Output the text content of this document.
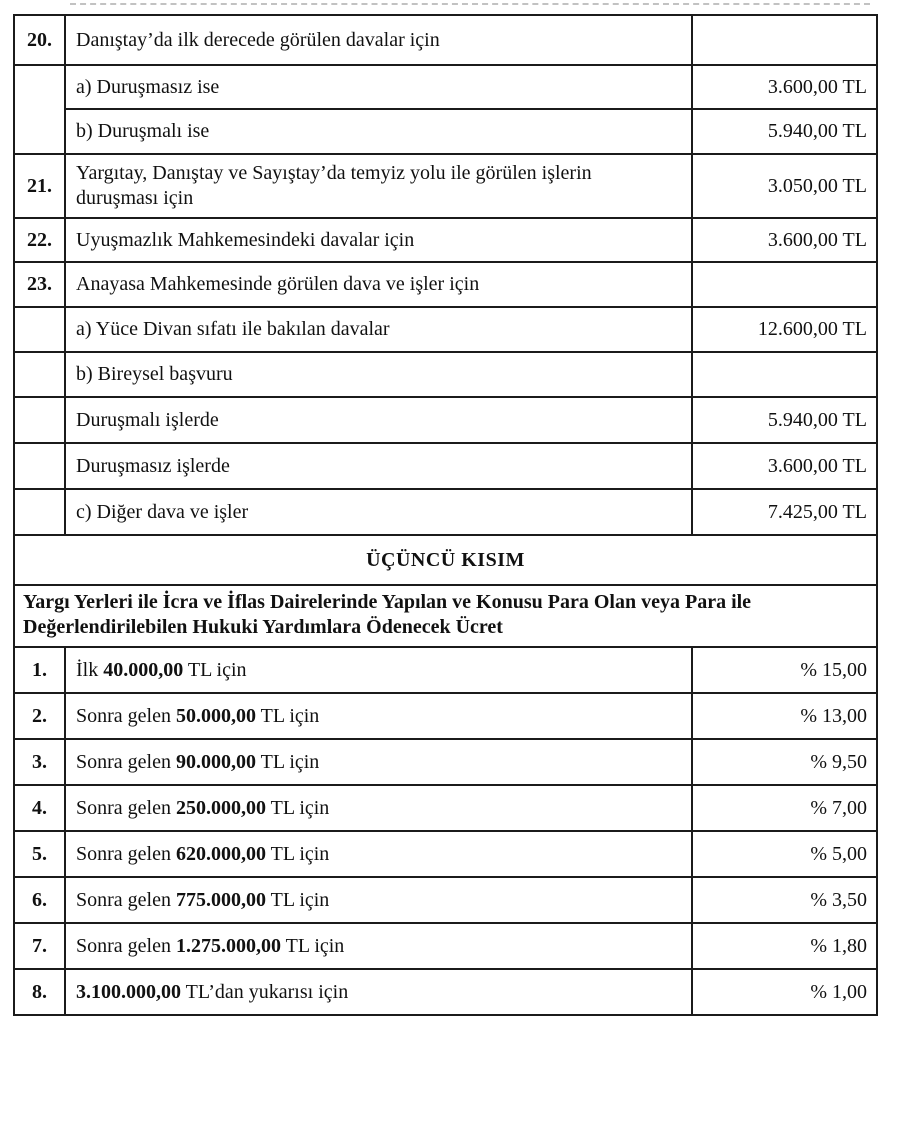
20.	Danıştay’da ilk derecede görülen davalar için	
	a) Duruşmasız ise	3.600,00 TL
	b) Duruşmalı ise	5.940,00 TL
21.	Yargıtay, Danıştay ve Sayıştay’da temyiz yolu ile görülen işlerin duruşması için	3.050,00 TL
22.	Uyuşmazlık Mahkemesindeki davalar için	3.600,00 TL
23.	Anayasa Mahkemesinde görülen dava ve işler için	
	a) Yüce Divan sıfatı ile bakılan davalar	12.600,00 TL
	b) Bireysel başvuru	
	Duruşmalı işlerde	5.940,00 TL
	Duruşmasız işlerde	3.600,00 TL
	c) Diğer dava ve işler	7.425,00 TL
ÜÇÜNCÜ KISIM		

Yargı Yerleri ile İcra ve İflas Dairelerinde Yapılan ve Konusu Para Olan veya Para ile
Değerlendirilebilen Hukuki Yardımlara Ödenecek Ücret		

1.	İlk 40.000,00 TL için	% 15,00
2.	Sonra gelen 50.000,00 TL için	% 13,00
3.	Sonra gelen 90.000,00 TL için	% 9,50
4.	Sonra gelen 250.000,00 TL için	% 7,00
5.	Sonra gelen 620.000,00 TL için	% 5,00
6.	Sonra gelen 775.000,00 TL için	% 3,50
7.	Sonra gelen 1.275.000,00 TL için	% 1,80
8.	3.100.000,00 TL’dan yukarısı için	% 1,00
